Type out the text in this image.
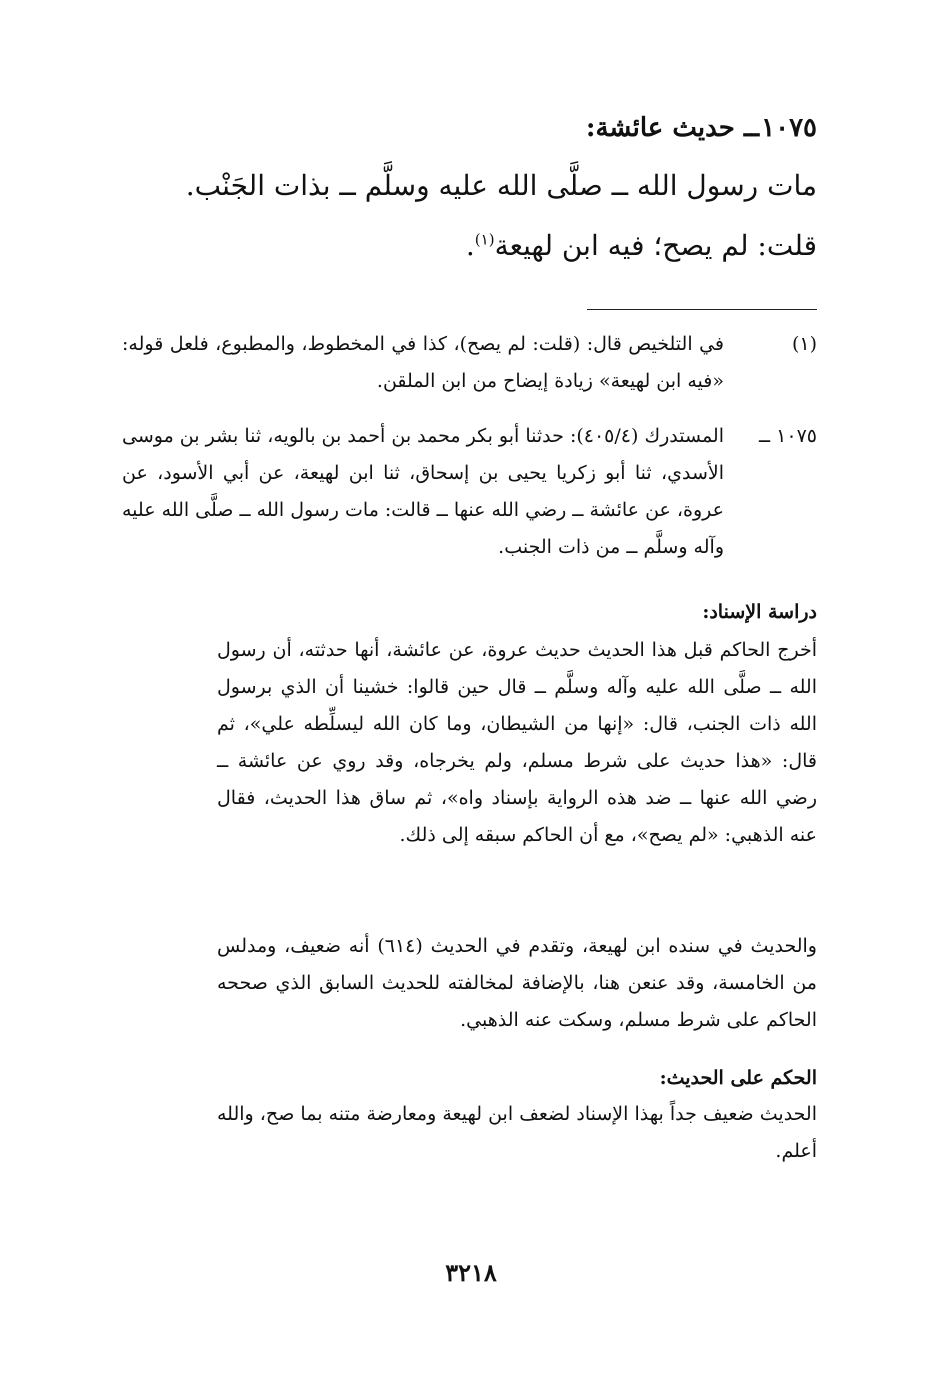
١٠٧٥ــ حديث عائشة:
مات رسول الله ــ صلَّى الله عليه وسلَّم ــ بذات الجَنْب.
قلت: لم يصح؛ فيه ابن لهيعة$^{(١)}$.
(١)
في التلخيص قال: (قلت: لم يصح)، كذا في المخطوط، والمطبوع، فلعل قوله: «فيه ابن لهيعة» زيادة إيضاح من ابن الملقن.
١٠٧٥ ــ
المستدرك (٤٠٥/٤): حدثنا أبو بكر محمد بن أحمد بن بالويه، ثنا بشر بن موسى الأسدي، ثنا أبو زكريا يحيى بن إسحاق، ثنا ابن لهيعة، عن أبي الأسود، عن عروة، عن عائشة ــ رضي الله عنها ــ قالت: مات رسول الله ــ صلَّى الله عليه وآله وسلَّم ــ من ذات الجنب.
دراسة الإسناد:
أخرج الحاكم قبل هذا الحديث حديث عروة، عن عائشة، أنها حدثته، أن رسول الله ــ صلَّى الله عليه وآله وسلَّم ــ قال حين قالوا: خشينا أن الذي برسول الله ذات الجنب، قال: «إنها من الشيطان، وما كان الله ليسلِّطه علي»، ثم قال: «هذا حديث على شرط مسلم، ولم يخرجاه، وقد روي عن عائشة ــ رضي الله عنها ــ ضد هذه الرواية بإسناد واه»، ثم ساق هذا الحديث، فقال عنه الذهبي: «لم يصح»، مع أن الحاكم سبقه إلى ذلك.
والحديث في سنده ابن لهيعة، وتقدم في الحديث (٦١٤) أنه ضعيف، ومدلس من الخامسة، وقد عنعن هنا، بالإضافة لمخالفته للحديث السابق الذي صححه الحاكم على شرط مسلم، وسكت عنه الذهبي.
الحكم على الحديث:
الحديث ضعيف جداً بهذا الإسناد لضعف ابن لهيعة ومعارضة متنه بما صح، والله أعلم.
٣٢١٨
